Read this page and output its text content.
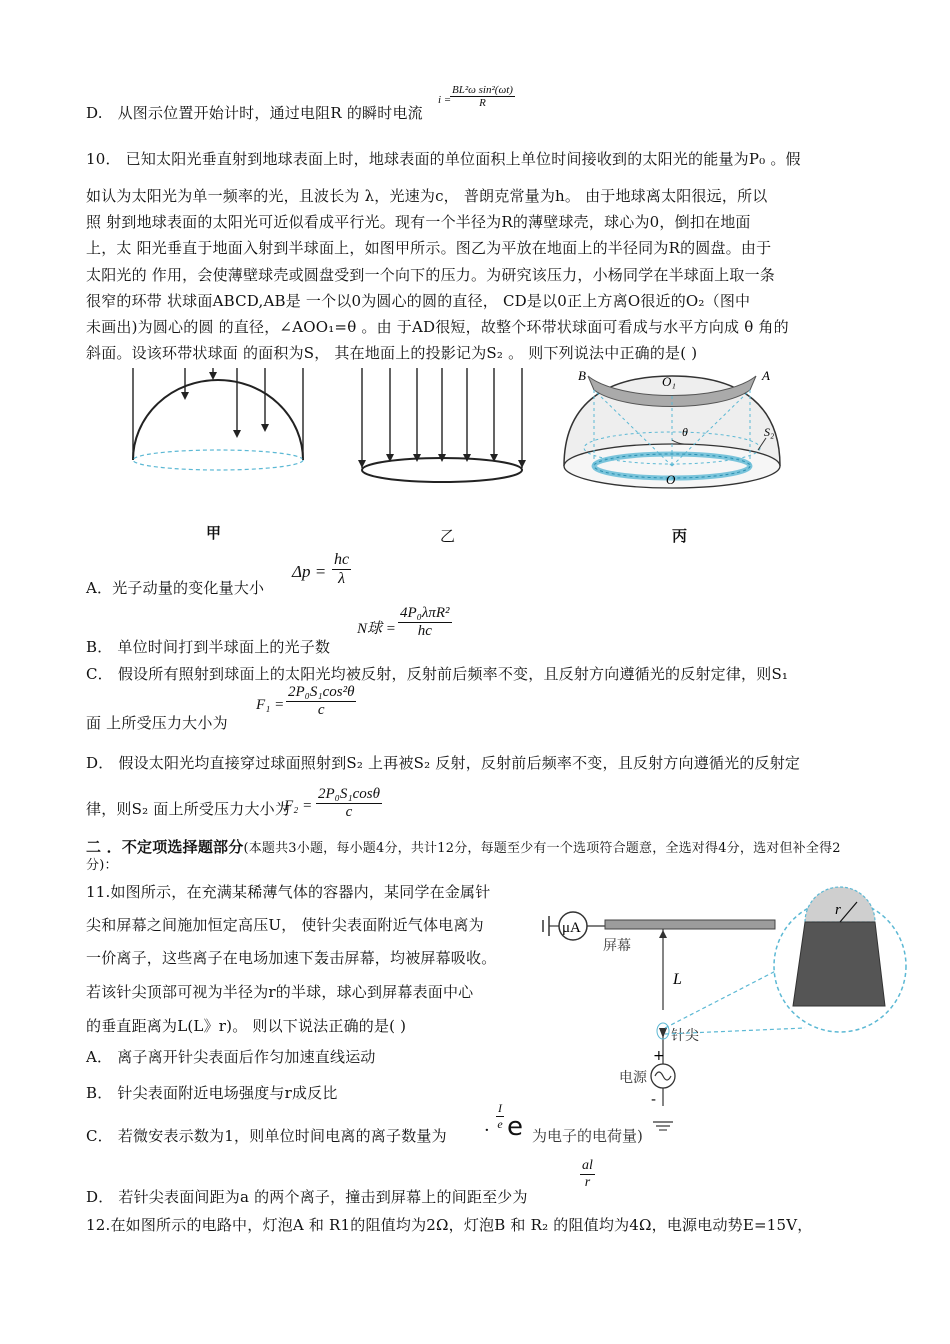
D. 从图示位置开始计时，通过电阻R 的瞬时电流
i =
$\frac{\text{BL²ω sin²(ωt)}}{R}$
10． 已知太阳光垂直射到地球表面上时，地球表面的单位面积上单位时间接收到的太阳光的能量为P₀ 。假
如认为太阳光为单一频率的光，且波长为 λ，光速为c， 普朗克常量为h。 由于地球离太阳很远，所以
照 射到地球表面的太阳光可近似看成平行光。现有一个半径为R的薄壁球壳，球心为0，倒扣在地面
上，太 阳光垂直于地面入射到半球面上，如图甲所示。图乙为平放在地面上的半径同为R的圆盘。由于
太阳光的 作用，会使薄壁球壳或圆盘受到一个向下的压力。为研究该压力，小杨同学在半球面上取一条
很窄的环带 状球面ABCD,AB是 一个以0为圆心的圆的直径， CD是以0正上方离O很近的O₂（图中
未画出)为圆心的圆 的直径，∠AOO₁=θ 。由 于AD很短，故整个环带状球面可看成与水平方向成 θ 角的
斜面。设该环带状球面 的面积为S， 其在地面上的投影记为S₂ 。 则下列说法中正确的是( )
B	A
O₁
O
θ	S₂
甲	乙	丙
A．光子动量的变化量大小
$\Delta p = \frac{hc}{\lambda}$
B． 单位时间打到半球面上的光子数
N球 =
4P₀λπR²
hc
C． 假设所有照射到球面上的太阳光均被反射，反射前后频率不变，且反射方向遵循光的反射定律，则S₁
面 上所受压力大小为
$F_1 = \frac{\text{2P₀S₁cos²θ}}{c}$
D． 假设太阳光均直接穿过球面照射到S₂ 上再被S₂ 反射，反射前后频率不变，且反射方向遵循光的反射定
律，则S₂ 面上所受压力大小为
$F_2 = \frac{\text{2P₀S₁cosθ}}{c}$
二 ．不定项选择题部分(本题共3小题，每小题4分，共计12分，每题至少有一个选项符合题意，全选对得4分，选对但补全得2
分)：
11.如图所示，在充满某稀薄气体的容器内，某同学在金属针
尖和屏幕之间施加恒定高压U， 使针尖表面附近气体电离为
一价离子，这些离子在电场加速下轰击屏幕，均被屏幕吸收。
若该针尖顶部可视为半径为r的半球，球心到屏幕表面中心
的垂直距离为L(L》r)。 则以下说法正确的是( )
μA
屏幕
L
针尖
+
电源
-
r
A． 离子离开针尖表面后作匀加速直线运动
B． 针尖表面附近电场强度与r成反比
C． 若微安表示数为1，则单位时间电离的离子数量为
$\frac{I}{e}$
· e 为电子的电荷量)
D． 若针尖表面间距为a 的两个离子，撞击到屏幕上的间距至少为
$\frac{al}{r}$
12.在如图所示的电路中，灯泡A 和 R1的阻值均为2Ω，灯泡B 和 R₂ 的阻值均为4Ω，电源电动势E=15V，
